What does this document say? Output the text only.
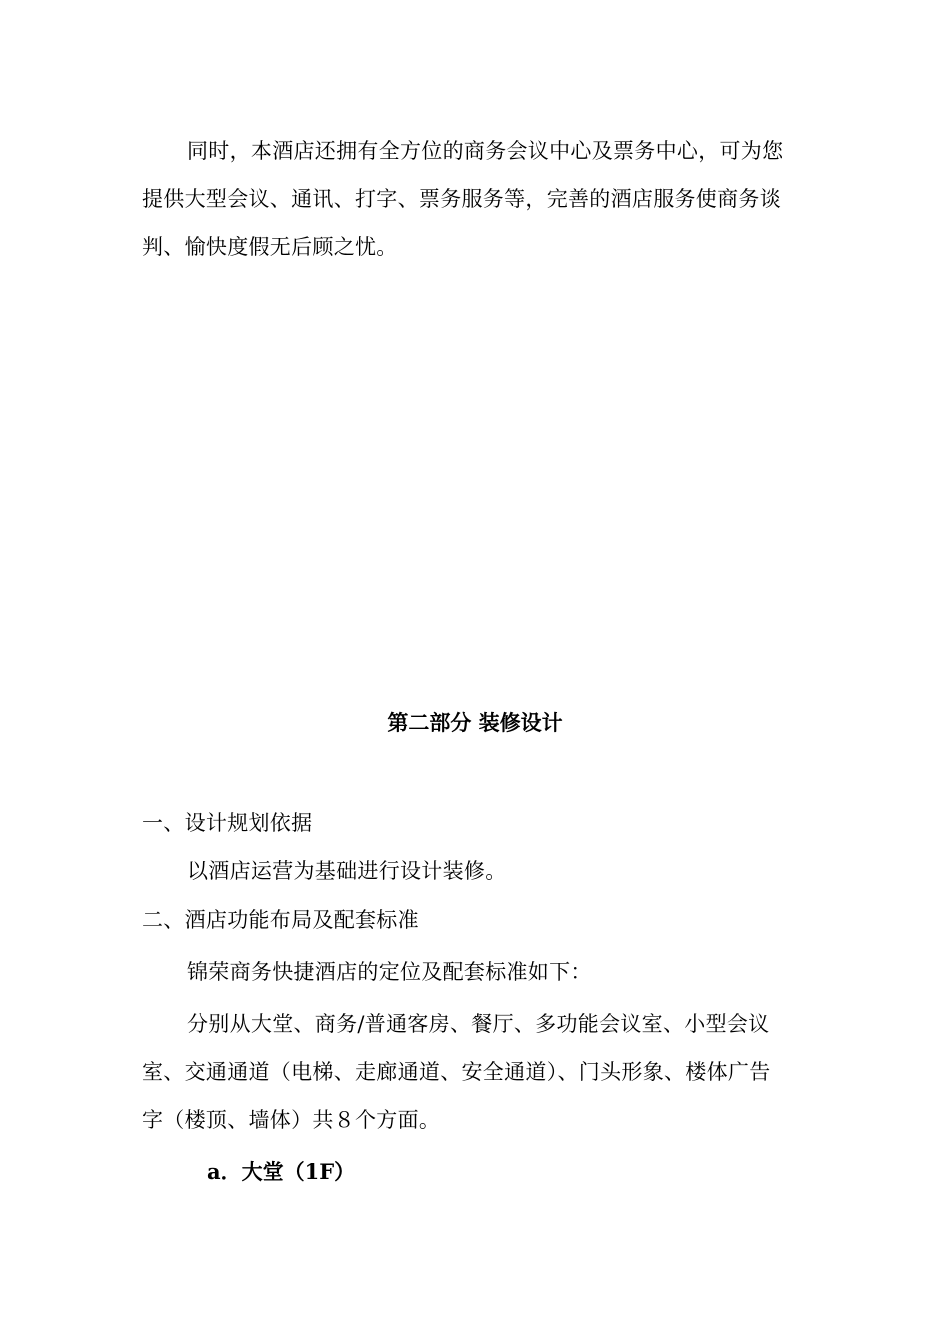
同时，本酒店还拥有全方位的商务会议中心及票务中心，可为您
提供大型会议、通讯、打字、票务服务等，完善的酒店服务使商务谈
判、愉快度假无后顾之忧。
第二部分 装修设计
一、设计规划依据
以酒店运营为基础进行设计装修。
二、酒店功能布局及配套标准
锦荣商务快捷酒店的定位及配套标准如下：
分别从大堂、商务/普通客房、餐厅、多功能会议室、小型会议
室、交通通道（电梯、走廊通道、安全通道）、门头形象、楼体广告
字（楼顶、墙体）共８个方面。
a．大堂（1F）
